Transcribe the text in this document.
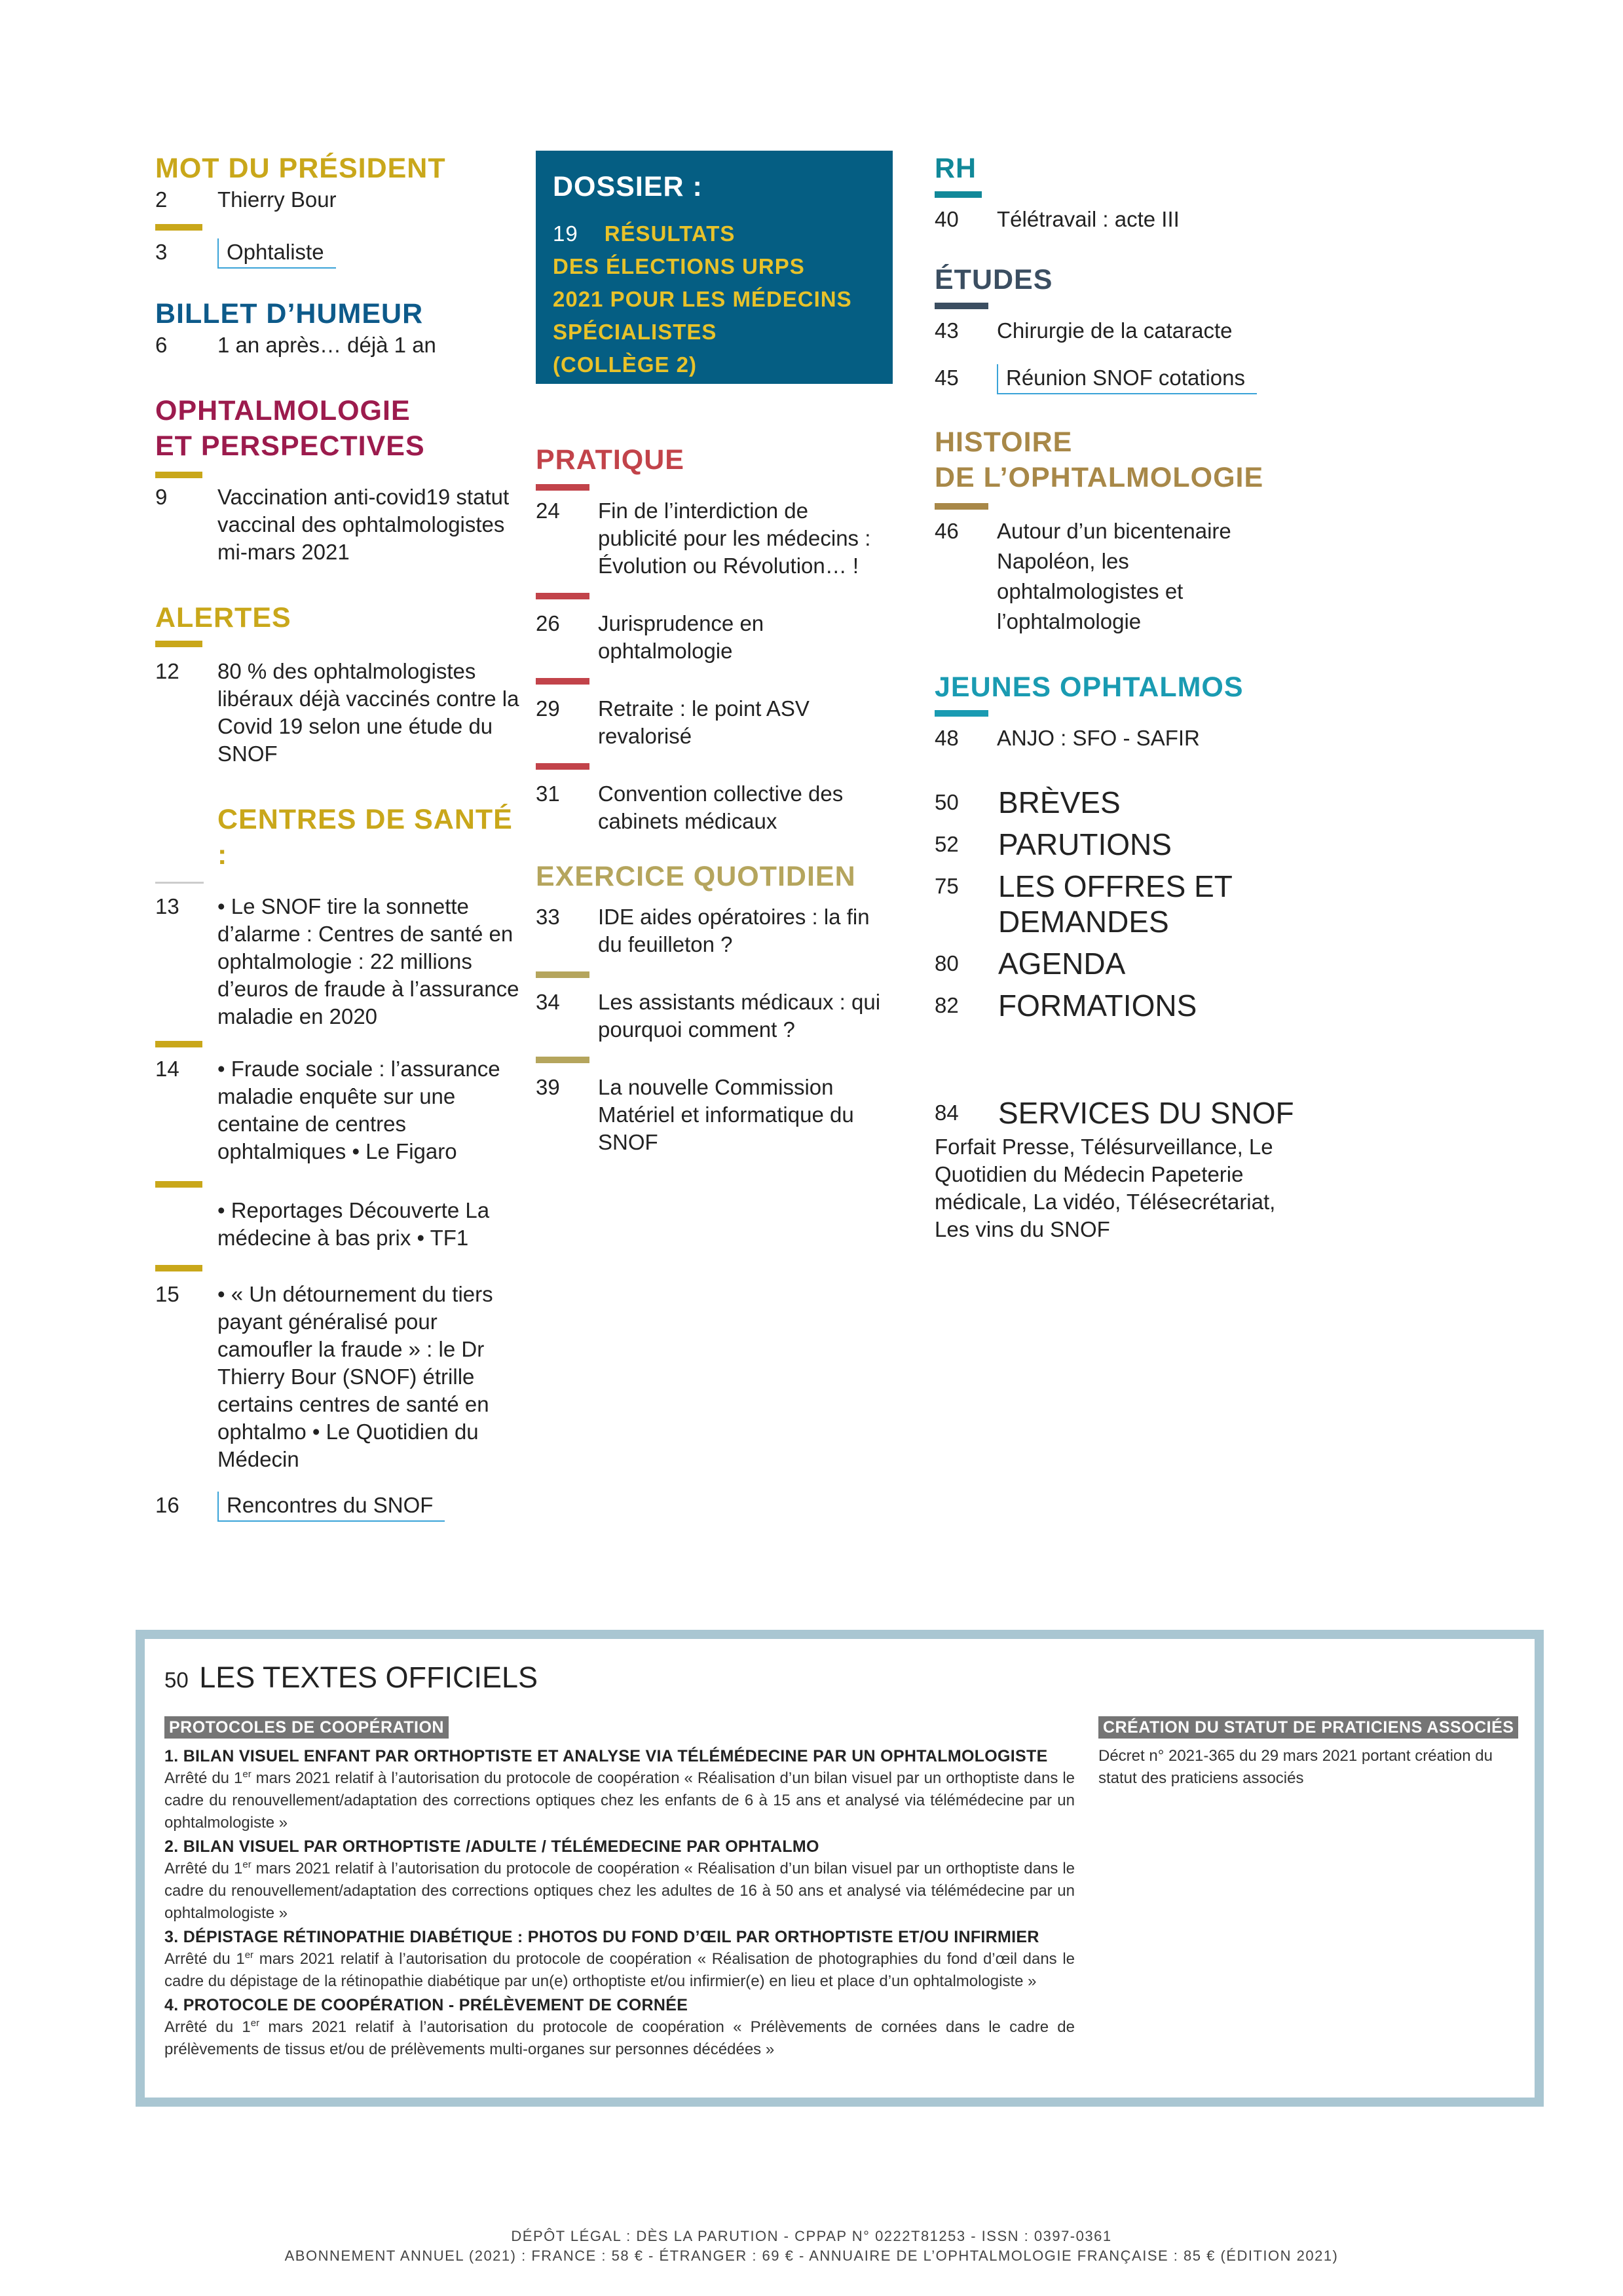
MOT DU PRÉSIDENT
2	Thierry Bour
3	Ophtaliste
BILLET D’HUMEUR
6	1 an après… déjà 1 an
OPHTALMOLOGIE
ET PERSPECTIVES
9	Vaccination anti-covid19 statut vaccinal des ophtalmologistes mi-mars 2021
ALERTES
12	80 % des ophtalmologistes libéraux déjà vaccinés contre la Covid 19 selon une étude du SNOF
CENTRES DE SANTÉ :
13	• Le SNOF tire la sonnette d’alarme : Centres de santé en ophtalmologie : 22 millions d’euros de fraude à l’assurance maladie en 2020
14	• Fraude sociale : l’assurance maladie enquête sur une centaine de centres ophtalmiques • Le Figaro
• Reportages Découverte La médecine à bas prix • TF1
15	• « Un détournement du tiers payant généralisé pour camoufler la fraude » : le Dr Thierry Bour (SNOF) étrille certains centres de santé en ophtalmo • Le Quotidien du Médecin
16	Rencontres du SNOF
DOSSIER :
19 RÉSULTATS
DES ÉLECTIONS URPS
2021 POUR LES MÉDECINS
SPÉCIALISTES
(COLLÈGE 2)
PRATIQUE
24	Fin de l’interdiction de publicité pour les médecins : Évolution ou Révolution… !
26	Jurisprudence en ophtalmologie
29	Retraite : le point ASV revalorisé
31	Convention collective des cabinets médicaux
EXERCICE QUOTIDIEN
33	IDE aides opératoires : la fin du feuilleton ?
34	Les assistants médicaux : qui pourquoi comment ?
39	La nouvelle Commission Matériel et informatique du SNOF
RH
40	Télétravail : acte III
ÉTUDES
43	Chirurgie de la cataracte
45	Réunion SNOF cotations
HISTOIRE
DE L’OPHTALMOLOGIE
46	Autour d’un bicentenaire Napoléon, les ophtalmologistes et l’ophtalmologie
JEUNES OPHTALMOS
48	ANJO : SFO - SAFIR
50	BRÈVES
52	PARUTIONS
75	LES OFFRES ET DEMANDES
80	AGENDA
82	FORMATIONS
84	SERVICES DU SNOF
Forfait Presse, Télésurveillance, Le Quotidien du Médecin Papeterie médicale, La vidéo, Télésecrétariat, Les vins du SNOF
50 LES TEXTES OFFICIELS
PROTOCOLES DE COOPÉRATION
1. BILAN VISUEL ENFANT PAR ORTHOPTISTE ET ANALYSE VIA TÉLÉMÉDECINE PAR UN OPHTALMOLOGISTE
Arrêté du 1er mars 2021 relatif à l’autorisation du protocole de coopération « Réalisation d’un bilan visuel par un orthoptiste dans le cadre du renouvellement/adaptation des corrections optiques chez les enfants de 6 à 15 ans et analysé via télémédecine par un ophtalmologiste »
2. BILAN VISUEL PAR ORTHOPTISTE /ADULTE / TÉLÉMEDECINE PAR OPHTALMO
Arrêté du 1er mars 2021 relatif à l’autorisation du protocole de coopération « Réalisation d’un bilan visuel par un orthoptiste dans le cadre du renouvellement/adaptation des corrections optiques chez les adultes de 16 à 50 ans et analysé via télémédecine par un ophtalmologiste »
3. DÉPISTAGE RÉTINOPATHIE DIABÉTIQUE : PHOTOS DU FOND D’ŒIL PAR ORTHOPTISTE ET/OU INFIRMIER
Arrêté du 1er mars 2021 relatif à l’autorisation du protocole de coopération « Réalisation de photographies du fond d’œil dans le cadre du dépistage de la rétinopathie diabétique par un(e) orthoptiste et/ou infirmier(e) en lieu et place d’un ophtalmologiste »
4. PROTOCOLE DE COOPÉRATION - PRÉLÈVEMENT DE CORNÉE
Arrêté du 1er mars 2021 relatif à l’autorisation du protocole de coopération « Prélèvements de cornées dans le cadre de prélèvements de tissus et/ou de prélèvements multi-organes sur personnes décédées »
CRÉATION DU STATUT DE PRATICIENS ASSOCIÉS
Décret n° 2021-365 du 29 mars 2021 portant création du statut des praticiens associés
DÉPÔT LÉGAL : DÈS LA PARUTION - CPPAP N° 0222T81253 - ISSN : 0397-0361
ABONNEMENT ANNUEL (2021) : FRANCE : 58 € - ÉTRANGER : 69 € - ANNUAIRE DE L’OPHTALMOLOGIE FRANÇAISE : 85 € (ÉDITION 2021)
